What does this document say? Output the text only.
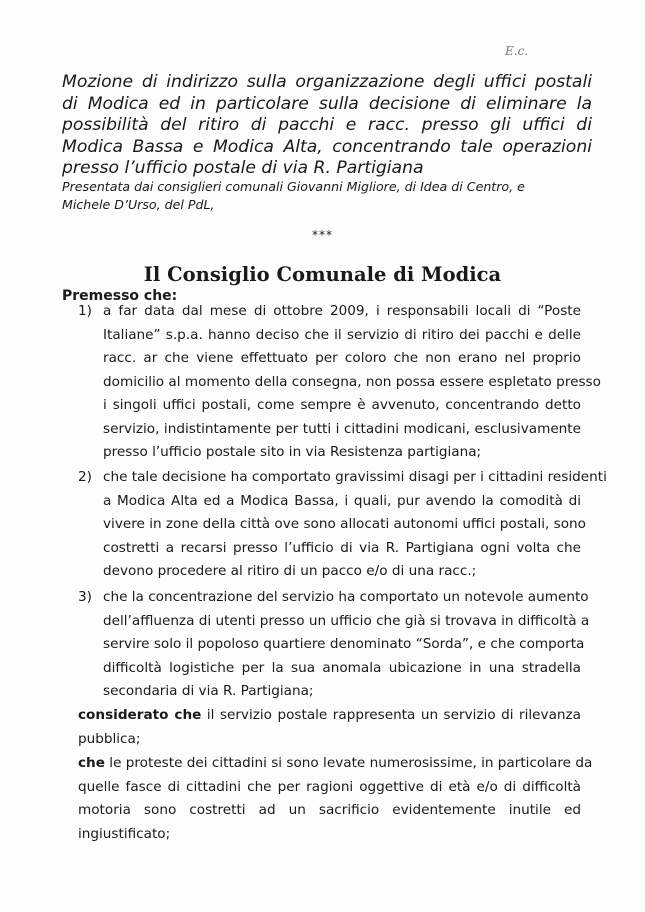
E.c.
Mozione di indirizzo sulla organizzazione degli uffici postali
di Modica ed in particolare sulla decisione di eliminare la
possibilità del ritiro di pacchi e racc. presso gli uffici di
Modica Bassa e Modica Alta, concentrando tale operazioni
presso l’ufficio postale di via R. Partigiana
Presentata dai consiglieri comunali Giovanni Migliore, di Idea di Centro, e
Michele D’Urso, del PdL,
***
Il Consiglio Comunale di Modica
Premesso che:
1) a far data dal mese di ottobre 2009, i responsabili locali di “Poste
Italiane” s.p.a. hanno deciso che il servizio di ritiro dei pacchi e delle
racc. ar che viene effettuato per coloro che non erano nel proprio
domicilio al momento della consegna, non possa essere espletato presso
i singoli uffici postali, come sempre è avvenuto, concentrando detto
servizio, indistintamente per tutti i cittadini modicani, esclusivamente
presso l’ufficio postale sito in via Resistenza partigiana;
2) che tale decisione ha comportato gravissimi disagi per i cittadini residenti
a Modica Alta ed a Modica Bassa, i quali, pur avendo la comodità di
vivere in zone della città ove sono allocati autonomi uffici postali, sono
costretti a recarsi presso l’ufficio di via R. Partigiana ogni volta che
devono procedere al ritiro di un pacco e/o di una racc.;
3) che la concentrazione del servizio ha comportato un notevole aumento
dell’affluenza di utenti presso un ufficio che già si trovava in difficoltà a
servire solo il popoloso quartiere denominato “Sorda”, e che comporta
difficoltà logistiche per la sua anomala ubicazione in una stradella
secondaria di via R. Partigiana;
considerato che il servizio postale rappresenta un servizio di rilevanza
pubblica;
che le proteste dei cittadini si sono levate numerosissime, in particolare da
quelle fasce di cittadini che per ragioni oggettive di età e/o di difficoltà
motoria sono costretti ad un sacrificio evidentemente inutile ed
ingiustificato;
